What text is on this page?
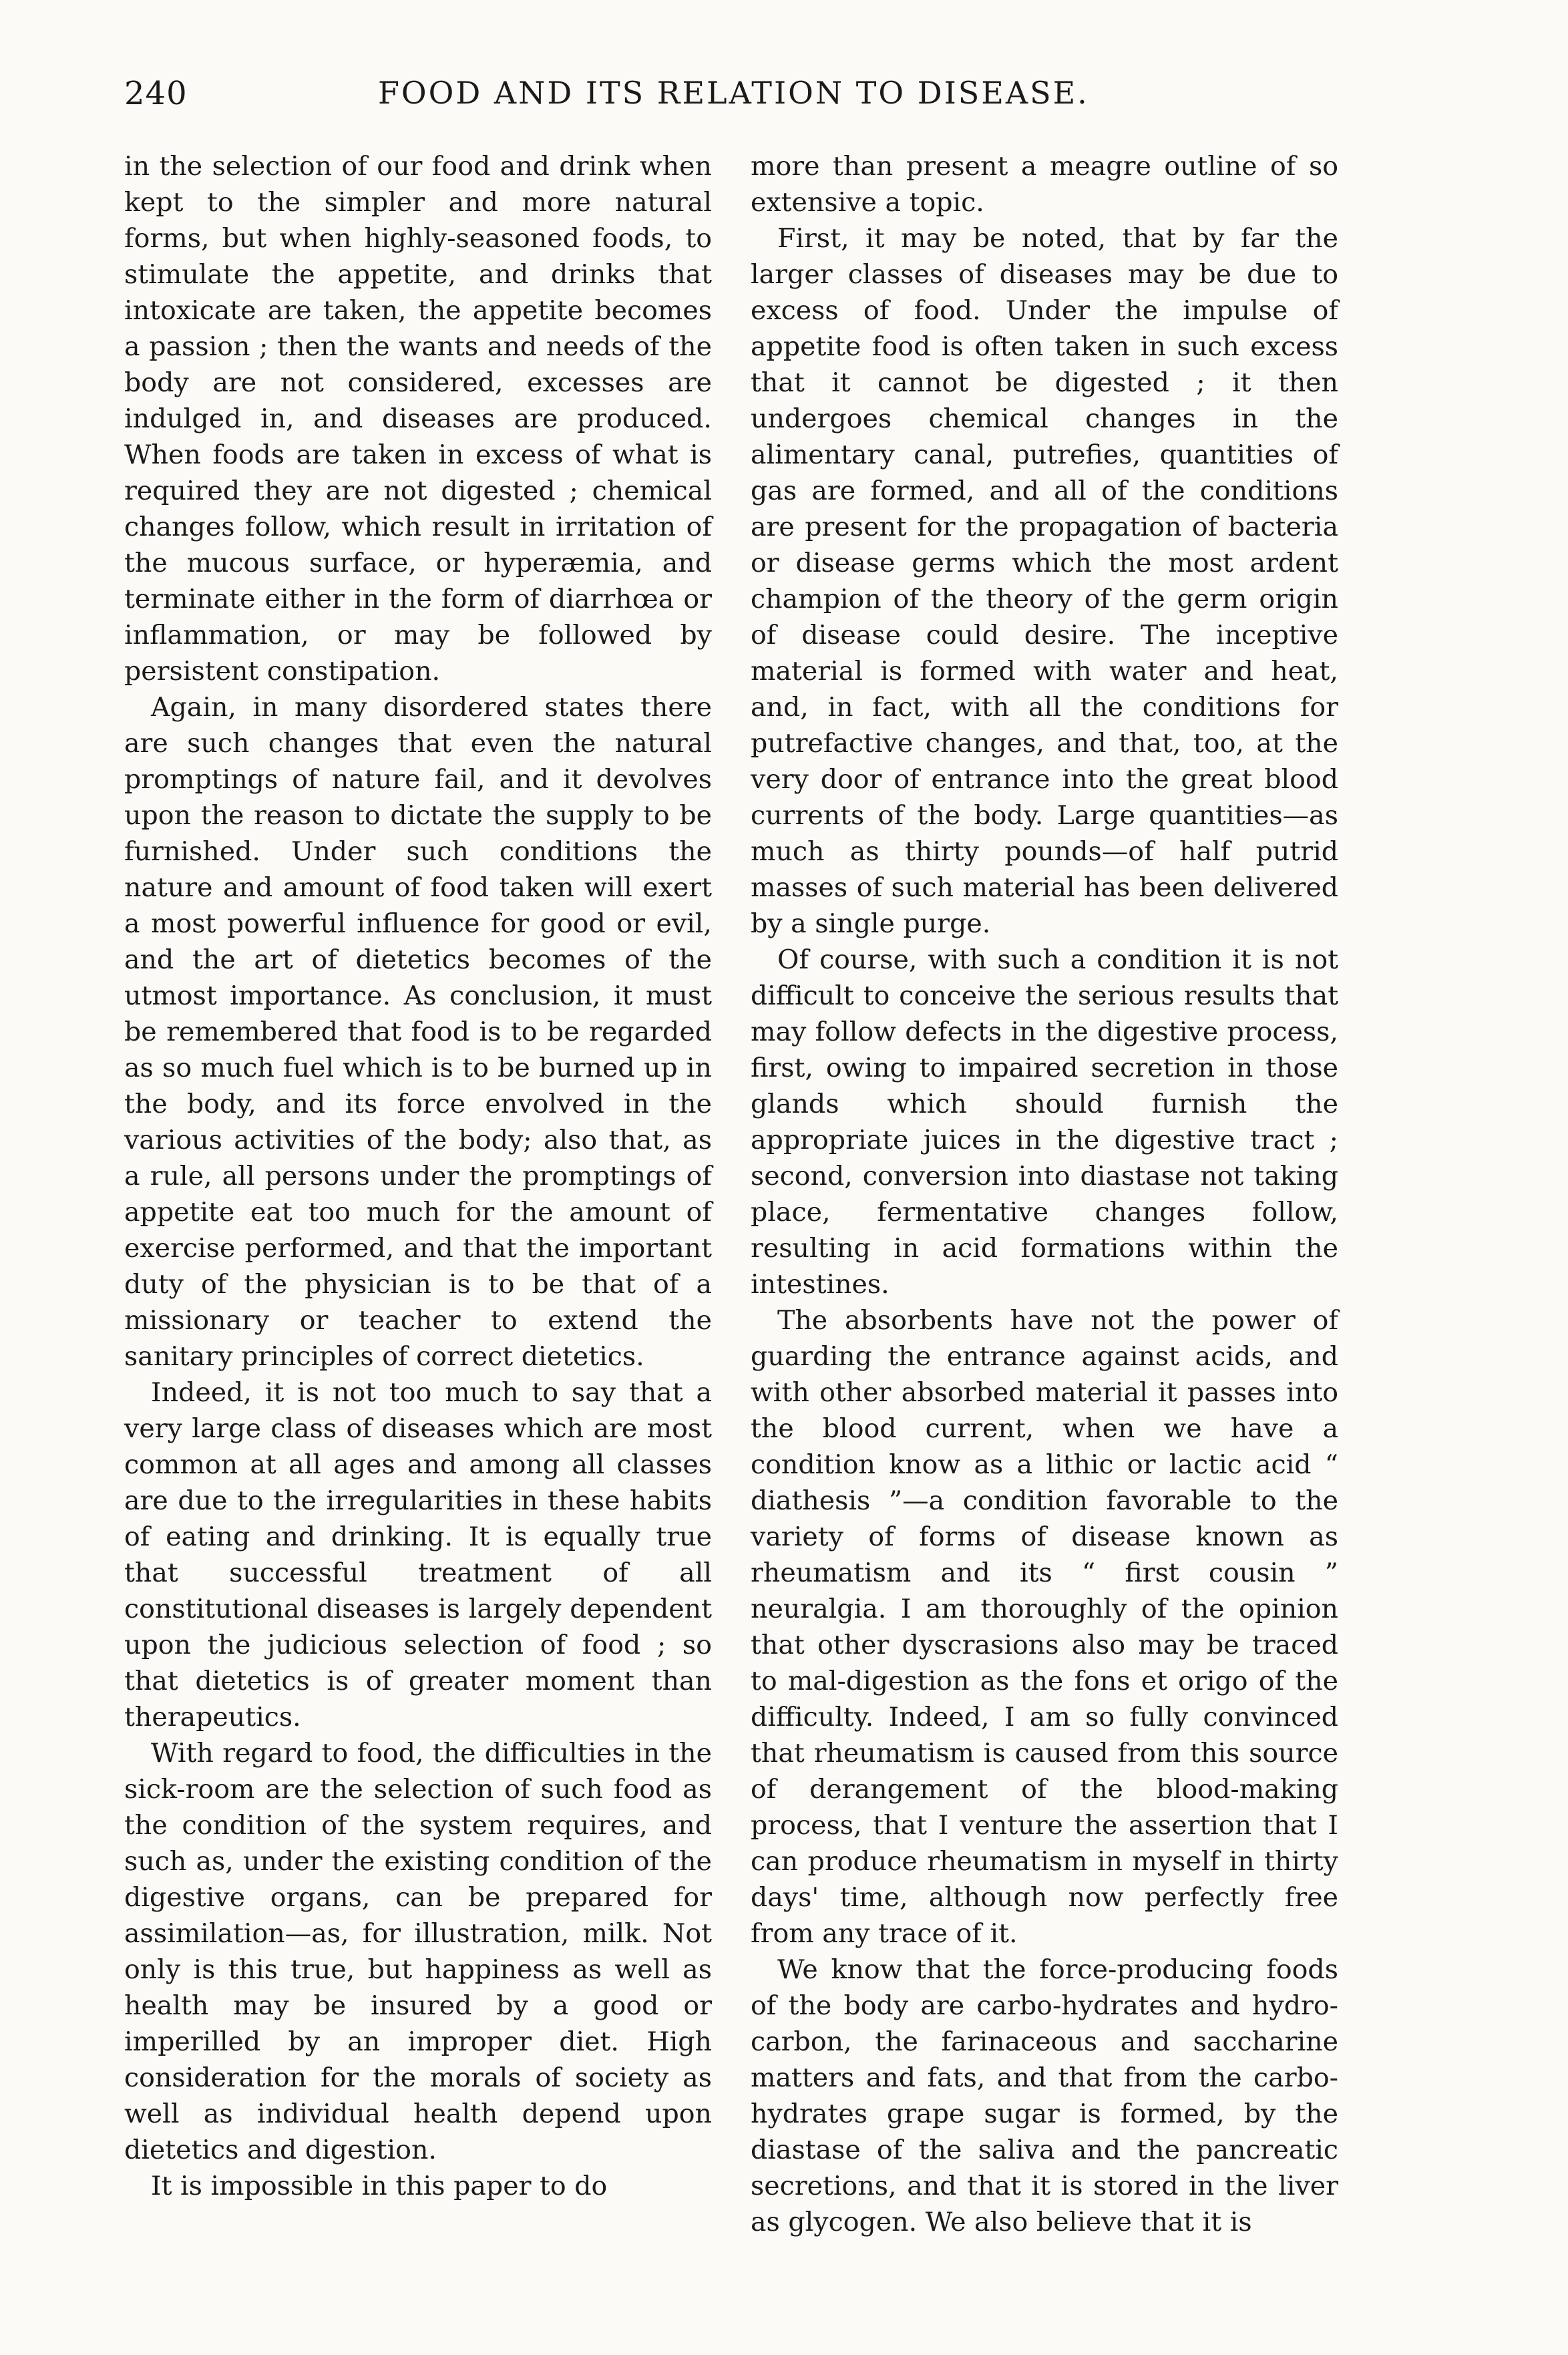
240	FOOD AND ITS RELATION TO DISEASE.

in the selection of our food and drink when kept to the simpler and more natural forms, but when highly-seasoned foods, to stimulate the appetite, and drinks that intoxicate are taken, the appetite becomes a passion ; then the wants and needs of the body are not considered, excesses are indulged in, and diseases are produced. When foods are taken in excess of what is required they are not digested ; chemical changes follow, which result in irritation of the mucous surface, or hyperæmia, and terminate either in the form of diarrhœa or inflammation, or may be followed by persistent constipation.

Again, in many disordered states there are such changes that even the natural promptings of nature fail, and it devolves upon the reason to dictate the supply to be furnished. Under such conditions the nature and amount of food taken will exert a most powerful influence for good or evil, and the art of dietetics becomes of the utmost importance. As conclusion, it must be remembered that food is to be regarded as so much fuel which is to be burned up in the body, and its force envolved in the various activities of the body; also that, as a rule, all persons under the promptings of appetite eat too much for the amount of exercise performed, and that the important duty of the physician is to be that of a missionary or teacher to extend the sanitary principles of correct dietetics.

Indeed, it is not too much to say that a very large class of diseases which are most common at all ages and among all classes are due to the irregularities in these habits of eating and drinking. It is equally true that successful treatment of all constitutional diseases is largely dependent upon the judicious selection of food ; so that dietetics is of greater moment than therapeutics.

With regard to food, the difficulties in the sick-room are the selection of such food as the condition of the system requires, and such as, under the existing condition of the digestive organs, can be prepared for assimilation—as, for illustration, milk. Not only is this true, but happiness as well as health may be insured by a good or imperilled by an improper diet. High consideration for the morals of society as well as individual health depend upon dietetics and digestion.

It is impossible in this paper to do

more than present a meagre outline of so extensive a topic.

First, it may be noted, that by far the larger classes of diseases may be due to excess of food. Under the impulse of appetite food is often taken in such excess that it cannot be digested ; it then undergoes chemical changes in the alimentary canal, putrefies, quantities of gas are formed, and all of the conditions are present for the propagation of bacteria or disease germs which the most ardent champion of the theory of the germ origin of disease could desire. The inceptive material is formed with water and heat, and, in fact, with all the conditions for putrefactive changes, and that, too, at the very door of entrance into the great blood currents of the body. Large quantities—as much as thirty pounds—of half putrid masses of such material has been delivered by a single purge.

Of course, with such a condition it is not difficult to conceive the serious results that may follow defects in the digestive process, first, owing to impaired secretion in those glands which should furnish the appropriate juices in the digestive tract ; second, conversion into diastase not taking place, fermentative changes follow, resulting in acid formations within the intestines.

The absorbents have not the power of guarding the entrance against acids, and with other absorbed material it passes into the blood current, when we have a condition know as a lithic or lactic acid “ diathesis ”—a condition favorable to the variety of forms of disease known as rheumatism and its “ first cousin ” neuralgia. I am thoroughly of the opinion that other dyscrasions also may be traced to mal-digestion as the fons et origo of the difficulty. Indeed, I am so fully convinced that rheumatism is caused from this source of derangement of the blood-making process, that I venture the assertion that I can produce rheumatism in myself in thirty days' time, although now perfectly free from any trace of it.

We know that the force-producing foods of the body are carbo-hydrates and hydro-carbon, the farinaceous and saccharine matters and fats, and that from the carbo-hydrates grape sugar is formed, by the diastase of the saliva and the pancreatic secretions, and that it is stored in the liver as glycogen. We also believe that it is
